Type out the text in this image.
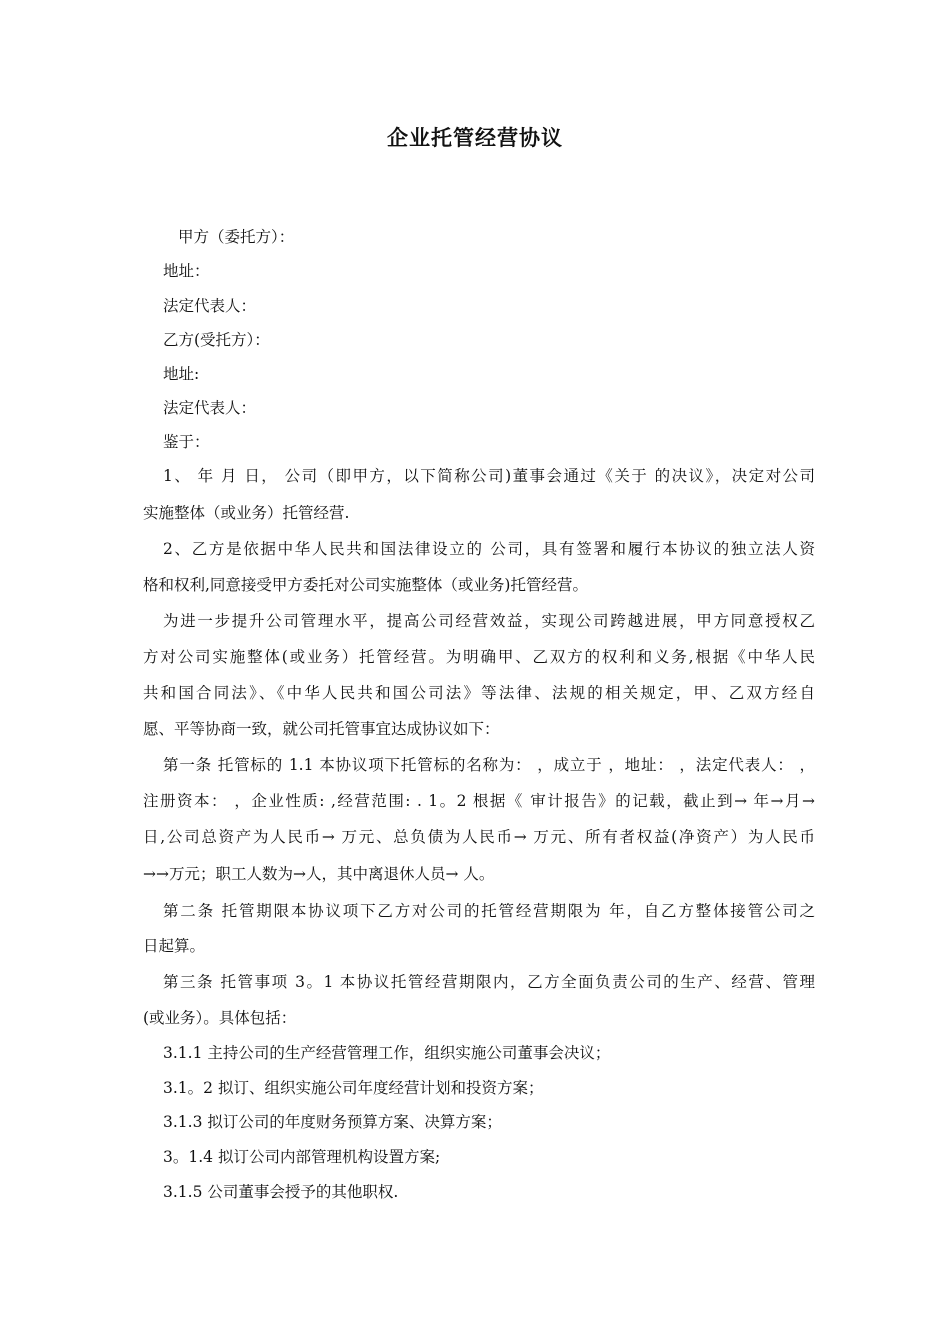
企业托管经营协议
甲方（委托方）：
地址：
法定代表人：
乙方(受托方）：
地址:
法定代表人：
鉴于：
1、 年 月 日， 公司（即甲方，以下简称公司)董事会通过《关于 的决议》，决定对公司
实施整体（或业务）托管经营.
2、乙方是依据中华人民共和国法律设立的 公司，具有签署和履行本协议的独立法人资
格和权利,同意接受甲方委托对公司实施整体（或业务)托管经营。
为进一步提升公司管理水平，提高公司经营效益，实现公司跨越进展，甲方同意授权乙
方对公司实施整体(或业务）托管经营。为明确甲、乙双方的权利和义务,根据《中华人民
共和国合同法》、《中华人民共和国公司法》等法律、法规的相关规定，甲、乙双方经自
愿、平等协商一致，就公司托管事宜达成协议如下：
第一条 托管标的 1.1 本协议项下托管标的名称为： ，成立于 ，地址： ，法定代表人： ，
注册资本： ，企业性质: ,经营范围: . 1。2 根据《 审计报告》的记载，截止到→ 年→月→
日,公司总资产为人民币→ 万元、总负债为人民币→ 万元、所有者权益(净资产）为人民币
→→万元；职工人数为→人，其中离退休人员→ 人。
第二条 托管期限本协议项下乙方对公司的托管经营期限为 年，自乙方整体接管公司之
日起算。
第三条 托管事项 3。1 本协议托管经营期限内，乙方全面负责公司的生产、经营、管理
(或业务）。具体包括：
3.1.1 主持公司的生产经营管理工作，组织实施公司董事会决议；
3.1。2 拟订、组织实施公司年度经营计划和投资方案；
3.1.3 拟订公司的年度财务预算方案、决算方案；
3。1.4 拟订公司内部管理机构设置方案;
3.1.5 公司董事会授予的其他职权.
